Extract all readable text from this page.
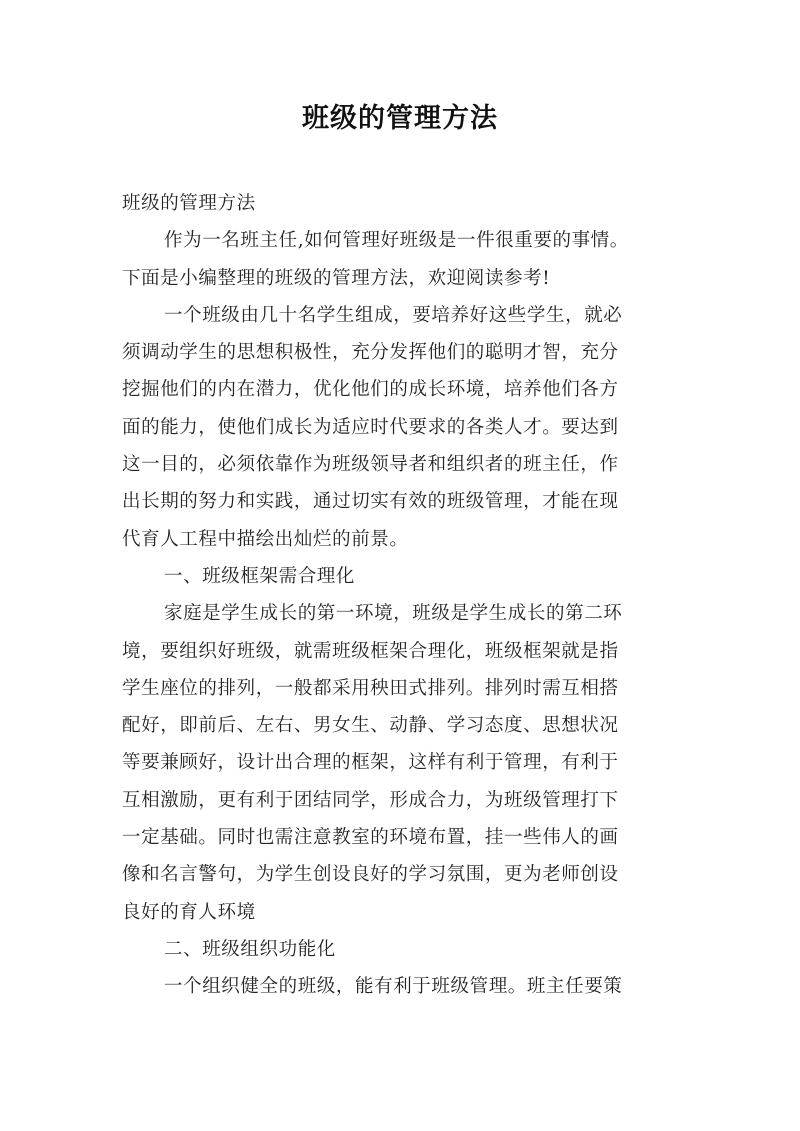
班级的管理方法
班级的管理方法
作为一名班主任,如何管理好班级是一件很重要的事情。
下面是小编整理的班级的管理方法，欢迎阅读参考!
一个班级由几十名学生组成，要培养好这些学生，就必
须调动学生的思想积极性，充分发挥他们的聪明才智，充分
挖掘他们的内在潜力，优化他们的成长环境，培养他们各方
面的能力，使他们成长为适应时代要求的各类人才。要达到
这一目的，必须依靠作为班级领导者和组织者的班主任，作
出长期的努力和实践，通过切实有效的班级管理，才能在现
代育人工程中描绘出灿烂的前景。
一、班级框架需合理化
家庭是学生成长的第一环境，班级是学生成长的第二环
境，要组织好班级，就需班级框架合理化，班级框架就是指
学生座位的排列，一般都采用秧田式排列。排列时需互相搭
配好，即前后、左右、男女生、动静、学习态度、思想状况
等要兼顾好，设计出合理的框架，这样有利于管理，有利于
互相激励，更有利于团结同学，形成合力，为班级管理打下
一定基础。同时也需注意教室的环境布置，挂一些伟人的画
像和名言警句，为学生创设良好的学习氛围，更为老师创设
良好的育人环境
二、班级组织功能化
一个组织健全的班级，能有利于班级管理。班主任要策
